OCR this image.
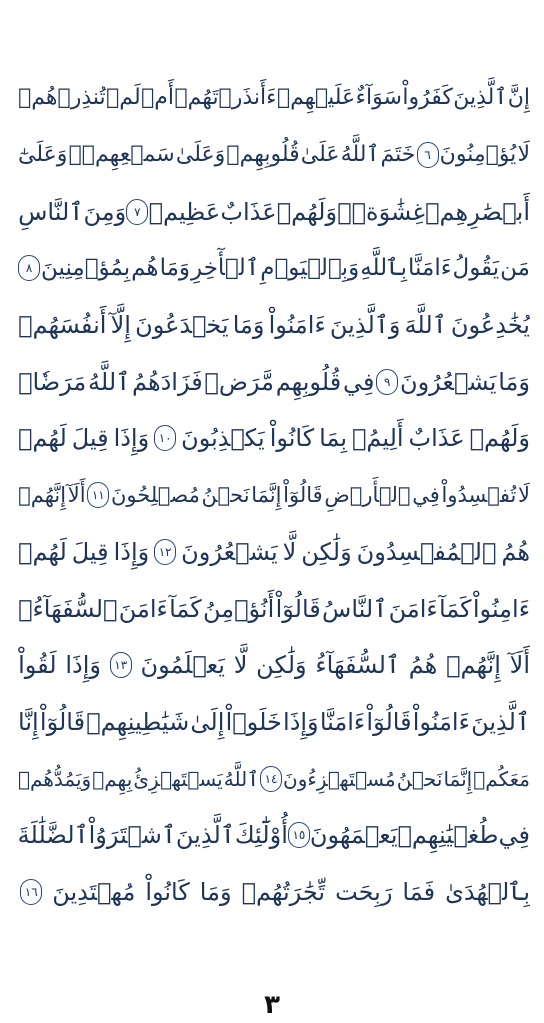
إِنَّ
ٱلَّذِينَ
كَفَرُواْ
سَوَآءٌ
عَلَيۡهِمۡ
ءَأَنذَرۡتَهُمۡ
أَمۡ
لَمۡ
تُنذِرۡهُمۡ
لَا
يُؤۡمِنُونَ
٦
خَتَمَ
ٱللَّهُ
عَلَىٰ
قُلُوبِهِمۡ
وَعَلَىٰ
سَمۡعِهِمۡۖ
وَعَلَىٰٓ
أَبۡصَٰرِهِمۡ
غِشَٰوَةٞۖ
وَلَهُمۡ
عَذَابٌ
عَظِيمٞ
٧
وَمِنَ
ٱلنَّاسِ
مَن
يَقُولُ
ءَامَنَّا
بِٱللَّهِ
وَبِٱلۡيَوۡمِ
ٱلۡأٓخِرِ
وَمَا
هُم
بِمُؤۡمِنِينَ
٨
يُخَٰدِعُونَ
ٱللَّهَ
وَٱلَّذِينَ
ءَامَنُواْ
وَمَا
يَخۡدَعُونَ
إِلَّآ
أَنفُسَهُمۡ
وَمَا
يَشۡعُرُونَ
٩
فِي
قُلُوبِهِم
مَّرَضٞ
فَزَادَهُمُ
ٱللَّهُ
مَرَضٗاۖ
وَلَهُمۡ
عَذَابٌ
أَلِيمُۢ
بِمَا
كَانُواْ
يَكۡذِبُونَ
١٠
وَإِذَا
قِيلَ
لَهُمۡ
لَا
تُفۡسِدُواْ
فِي
ٱلۡأَرۡضِ
قَالُوٓاْ
إِنَّمَا
نَحۡنُ
مُصۡلِحُونَ
١١
أَلَآ
إِنَّهُمۡ
هُمُ
ٱلۡمُفۡسِدُونَ
وَلَٰكِن
لَّا
يَشۡعُرُونَ
١٢
وَإِذَا
قِيلَ
لَهُمۡ
ءَامِنُواْ
كَمَآ
ءَامَنَ
ٱلنَّاسُ
قَالُوٓاْ
أَنُؤۡمِنُ
كَمَآ
ءَامَنَ
ٱلسُّفَهَآءُۗ
أَلَآ
إِنَّهُمۡ
هُمُ
ٱلسُّفَهَآءُ
وَلَٰكِن
لَّا
يَعۡلَمُونَ
١٣
وَإِذَا
لَقُواْ
ٱلَّذِينَ
ءَامَنُواْ
قَالُوٓاْ
ءَامَنَّا
وَإِذَا
خَلَوۡاْ
إِلَىٰ
شَيَٰطِينِهِمۡ
قَالُوٓاْ
إِنَّا
مَعَكُمۡ
إِنَّمَا
نَحۡنُ
مُسۡتَهۡزِءُونَ
١٤
ٱللَّهُ
يَسۡتَهۡزِئُ
بِهِمۡ
وَيَمُدُّهُمۡ
فِي
طُغۡيَٰنِهِمۡ
يَعۡمَهُونَ
١٥
أُوْلَٰٓئِكَ
ٱلَّذِينَ
ٱشۡتَرَوُاْ
ٱلضَّلَٰلَةَ
بِٱلۡهُدَىٰ
فَمَا
رَبِحَت
تِّجَٰرَتُهُمۡ
وَمَا
كَانُواْ
مُهۡتَدِينَ
١٦
٣
